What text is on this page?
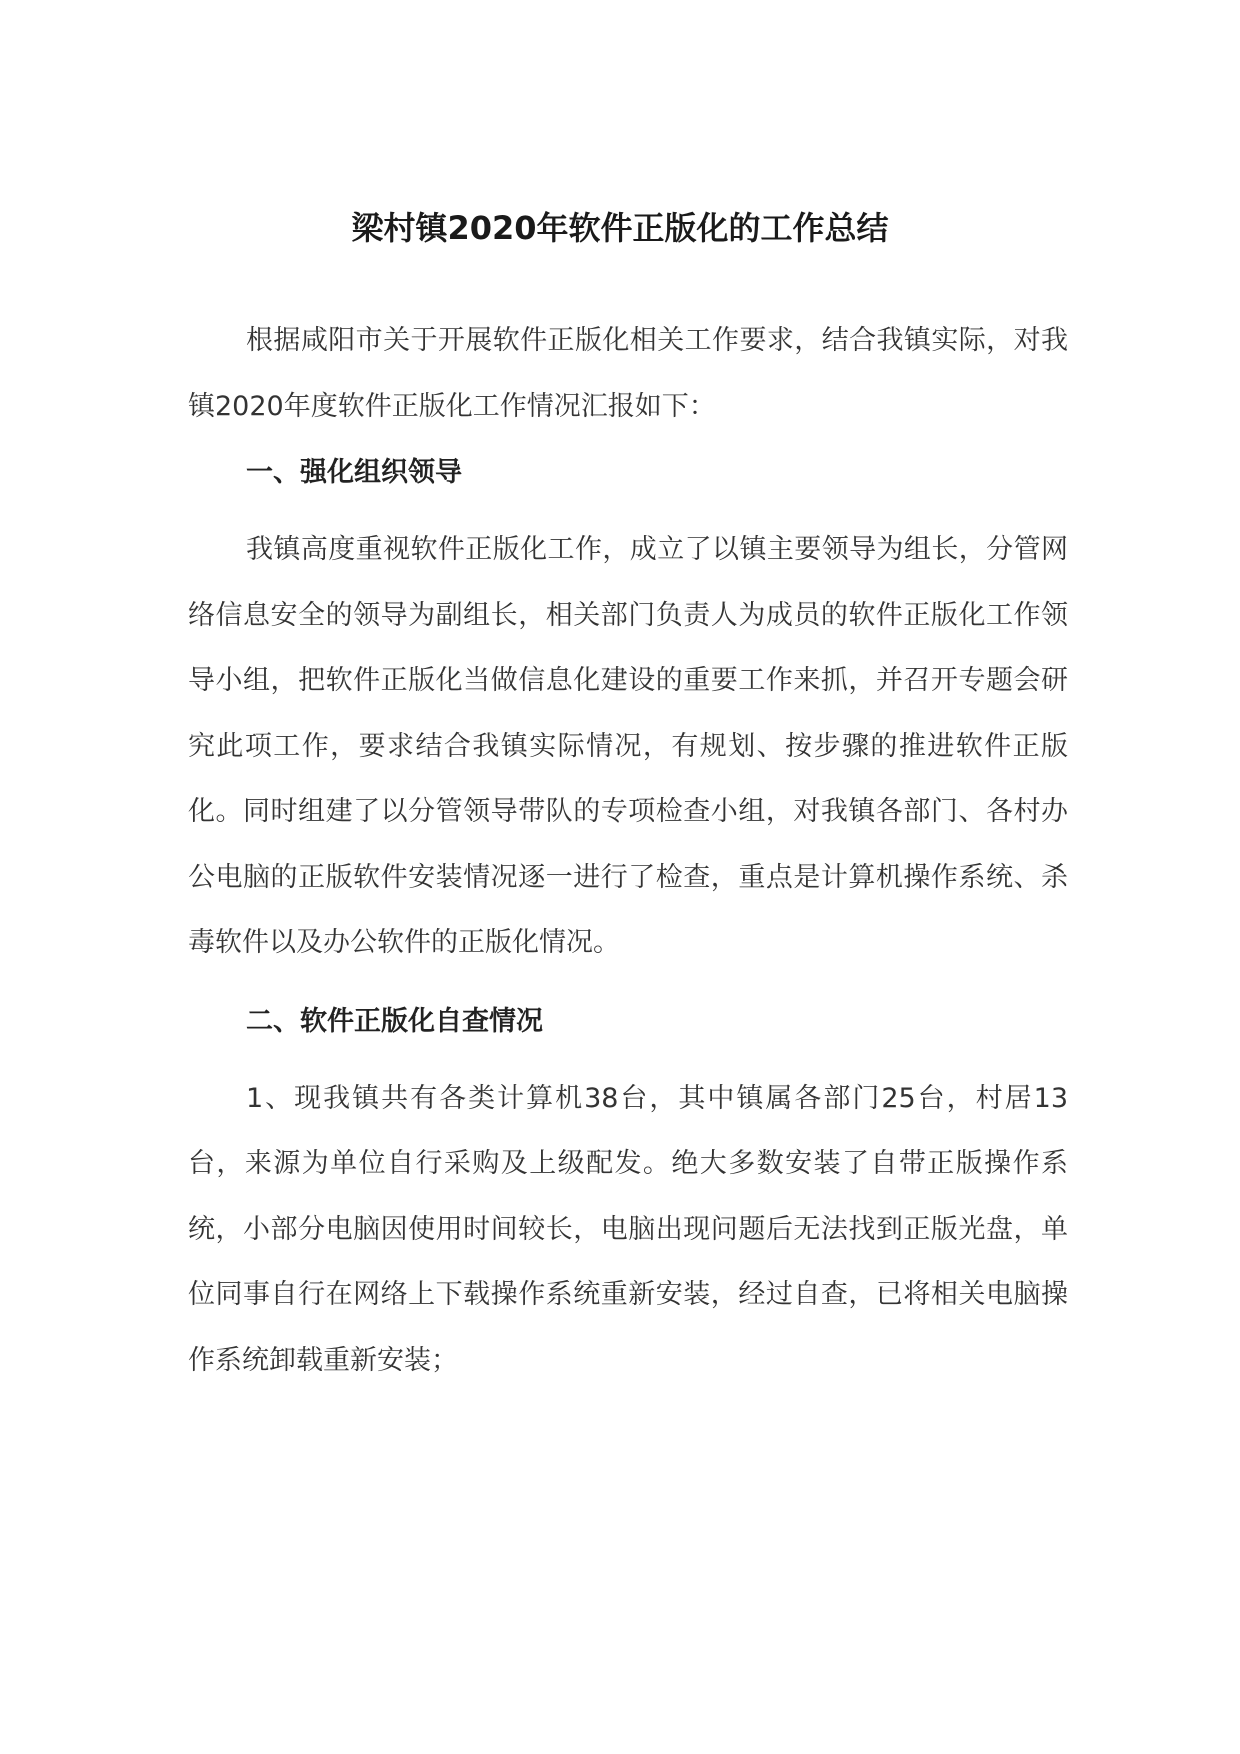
梁村镇2020年软件正版化的工作总结

根据咸阳市关于开展软件正版化相关工作要求，结合我镇实际，对我镇2020年度软件正版化工作情况汇报如下：

一、强化组织领导

我镇高度重视软件正版化工作，成立了以镇主要领导为组长，分管网络信息安全的领导为副组长，相关部门负责人为成员的软件正版化工作领导小组，把软件正版化当做信息化建设的重要工作来抓，并召开专题会研究此项工作，要求结合我镇实际情况，有规划、按步骤的推进软件正版化。同时组建了以分管领导带队的专项检查小组，对我镇各部门、各村办公电脑的正版软件安装情况逐一进行了检查，重点是计算机操作系统、杀毒软件以及办公软件的正版化情况。

二、软件正版化自查情况

1、现我镇共有各类计算机38台，其中镇属各部门25台，村居13台，来源为单位自行采购及上级配发。绝大多数安装了自带正版操作系统，小部分电脑因使用时间较长，电脑出现问题后无法找到正版光盘，单位同事自行在网络上下载操作系统重新安装，经过自查，已将相关电脑操作系统卸载重新安装；
